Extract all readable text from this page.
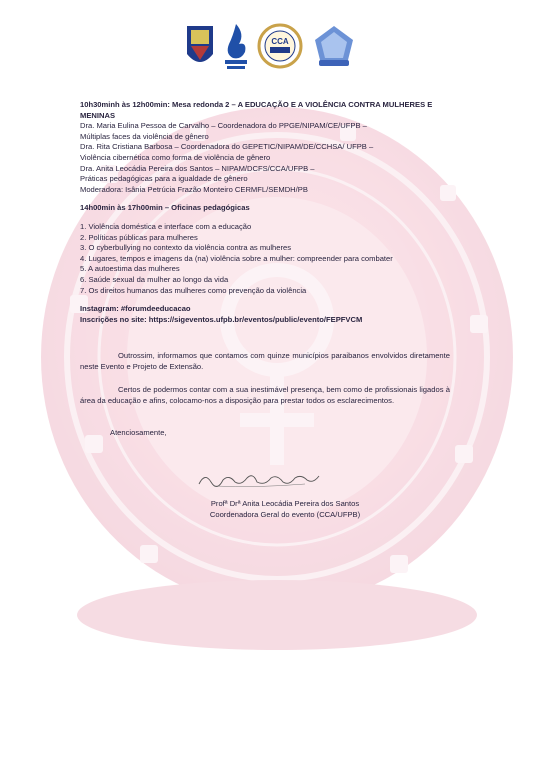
CCA

10h30minh às 12h00min: Mesa redonda 2 – A EDUCAÇÃO E A VIOLÊNCIA CONTRA MULHERES E MENINAS

Dra. Maria Eulina Pessoa de Carvalho – Coordenadora do PPGE/NIPAM/CE/UFPB –

Múltiplas faces da violência de gênero

Dra. Rita Cristiana Barbosa – Coordenadora do GEPETIC/NIPAM/DE/CCHSA/ UFPB –

Violência cibernética como forma de violência de gênero

Dra. Anita Leocádia Pereira dos Santos – NIPAM/DCFS/CCA/UFPB –

Práticas pedagógicas para a igualdade de gênero

Moderadora: Isânia Petrúcia Frazão Monteiro CERMFL/SEMDH/PB

14h00min às 17h00min – Oficinas pedagógicas

1. Violência doméstica e interface com a educação

2. Políticas públicas para mulheres

3. O cyberbullying no contexto da violência contra as mulheres

4. Lugares, tempos e imagens da (na) violência sobre a mulher: compreender para combater

5. A autoestima das mulheres

6. Saúde sexual da mulher ao longo da vida

7. Os direitos humanos das mulheres como prevenção da violência

Instagram: #forumdeeducacao

Inscrições no site: https://sigeventos.ufpb.br/eventos/public/evento/FEPFVCM

Outrossim, informamos que contamos com quinze municípios paraibanos envolvidos diretamente neste Evento e Projeto de Extensão.

Certos de podermos contar com a sua inestimável presença, bem como de profissionais ligados à área da educação e afins, colocamo-nos a disposição para prestar todos os esclarecimentos.

Atenciosamente,

Profª Drª Anita Leocádia Pereira dos Santos
Coordenadora Geral do evento (CCA/UFPB)
